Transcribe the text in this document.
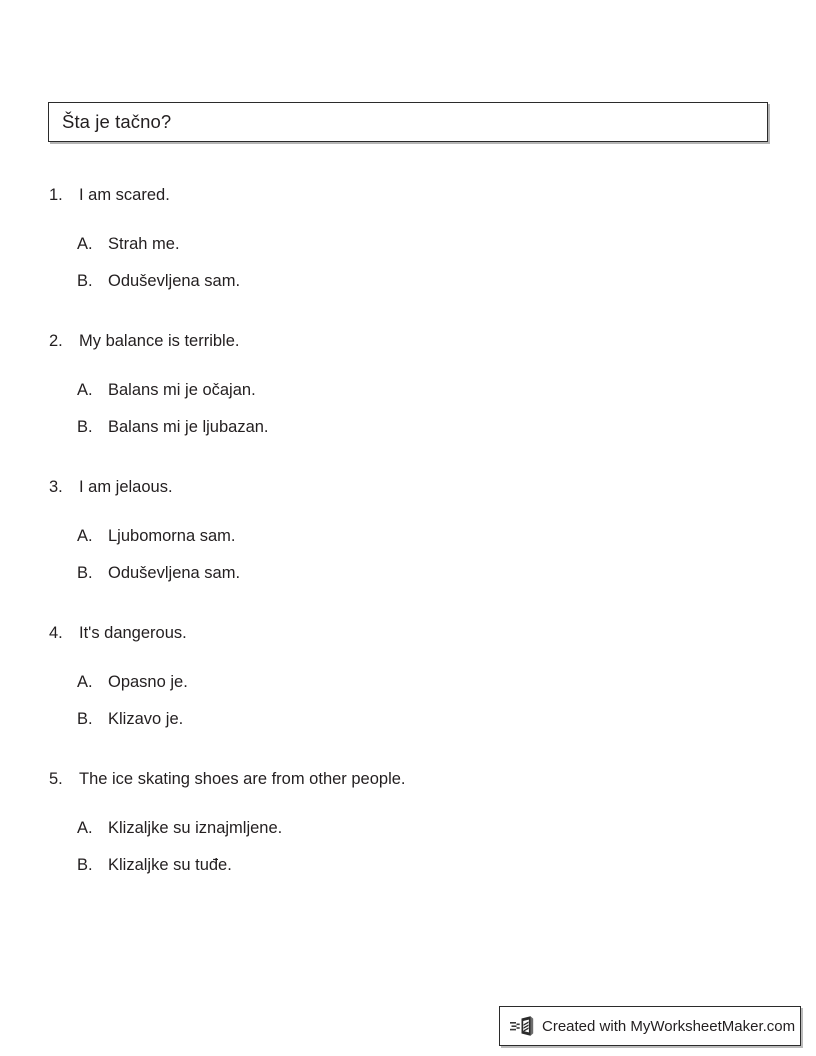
Šta je tačno?
1. I am scared.
A. Strah me.
B. Oduševljena sam.
2. My balance is terrible.
A. Balans mi je očajan.
B. Balans mi je ljubazan.
3. I am jelaous.
A. Ljubomorna sam.
B. Oduševljena sam.
4. It's dangerous.
A. Opasno je.
B. Klizavo je.
5. The ice skating shoes are from other people.
A. Klizaljke su iznajmljene.
B. Klizaljke su tuđe.
Created with MyWorksheetMaker.com
